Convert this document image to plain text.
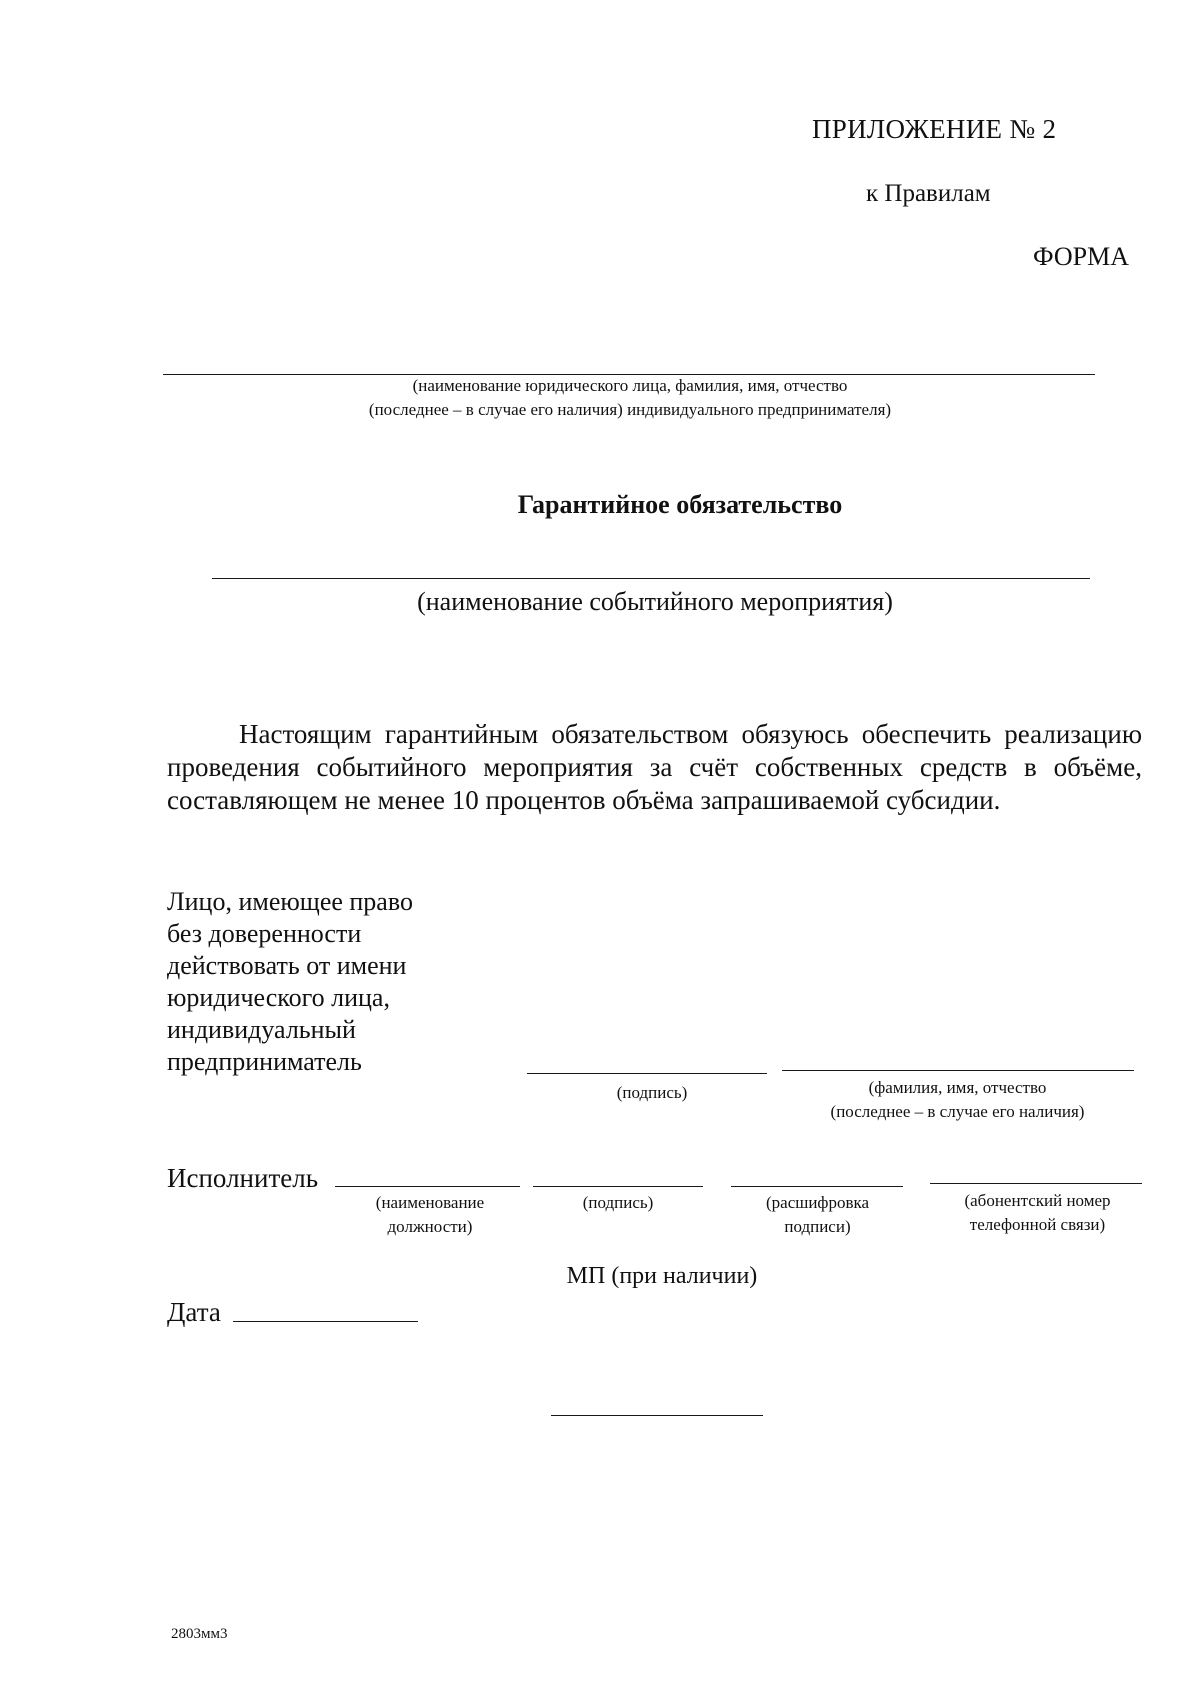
ПРИЛОЖЕНИЕ № 2
к Правилам
ФОРМА
(наименование юридического лица, фамилия, имя, отчество
(последнее – в случае его наличия) индивидуального предпринимателя)
Гарантийное обязательство
(наименование событийного мероприятия)
Настоящим гарантийным обязательством обязуюсь обеспечить реализацию проведения событийного мероприятия за счёт собственных средств в объёме, составляющем не менее 10 процентов объёма запрашиваемой субсидии.
Лицо, имеющее право
без доверенности
действовать от имени
юридического лица,
индивидуальный
предприниматель
(подпись)	(фамилия, имя, отчество
(последнее – в случае его наличия)
Исполнитель
(наименование
должности)
(подпись)	(расшифровка
подписи)
(абонентский номер
телефонной связи)
МП (при наличии)
Дата
2803мм3
